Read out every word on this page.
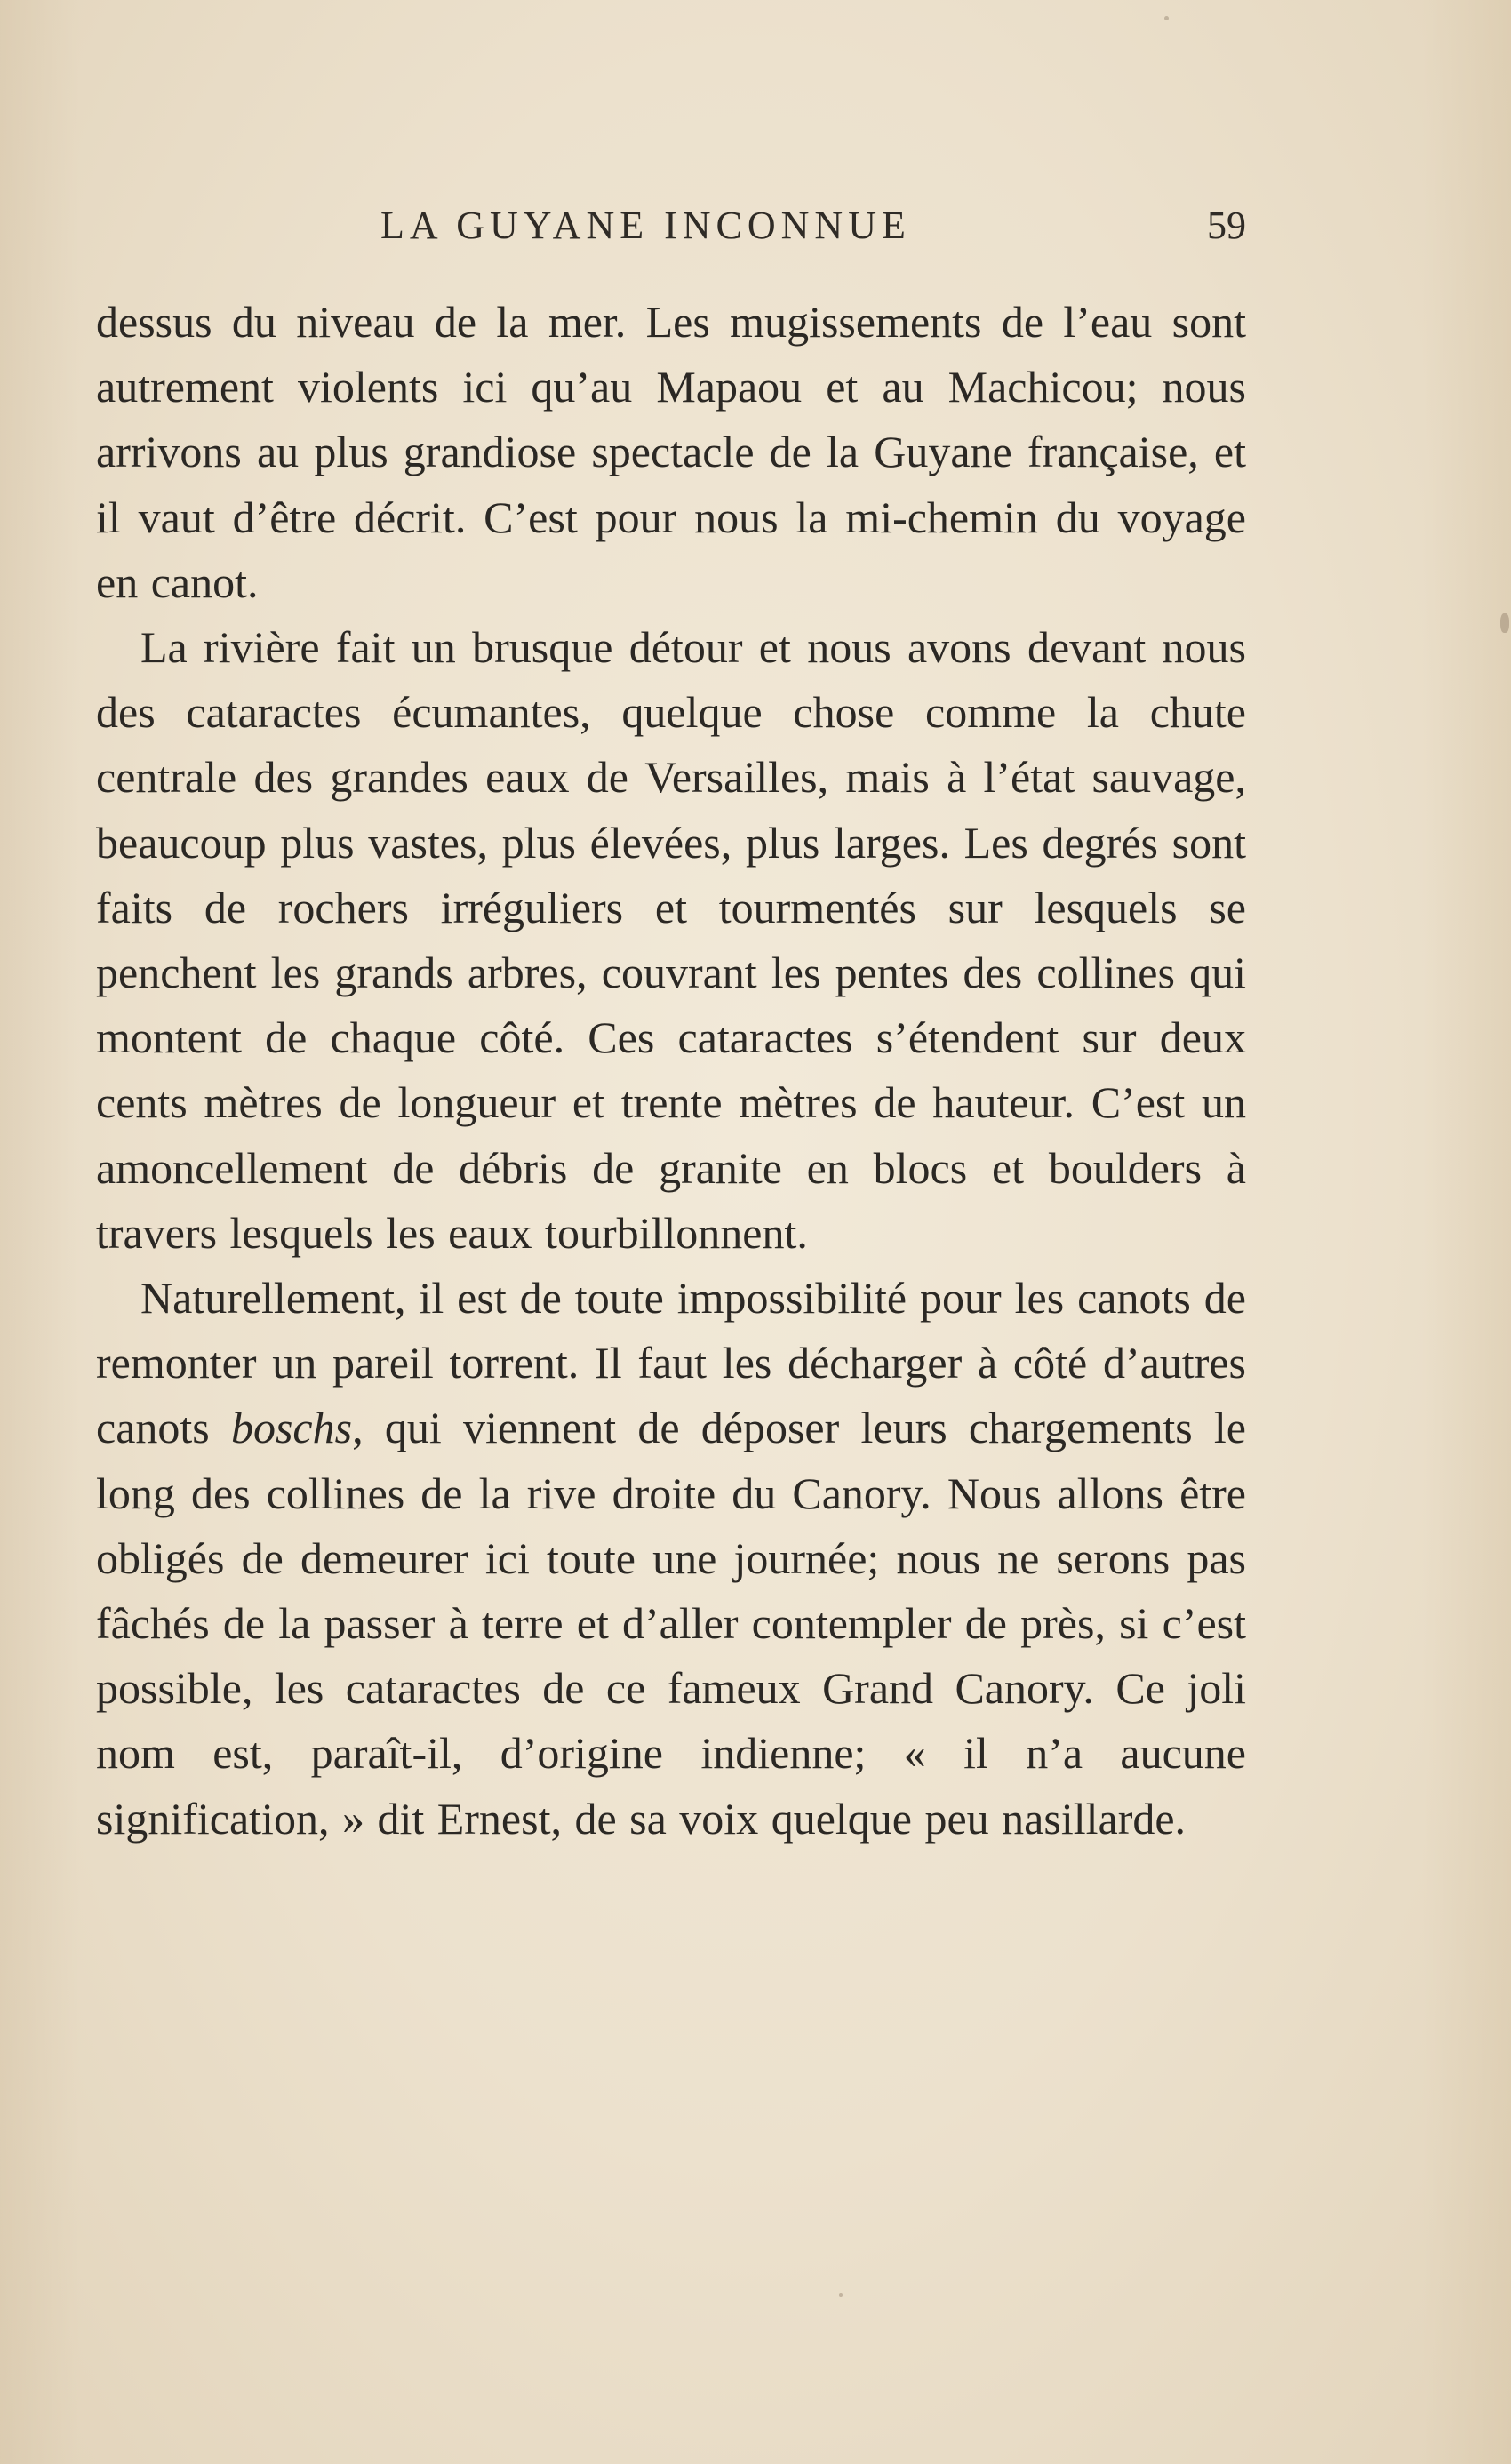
LA GUYANE INCONNUE	59

dessus du niveau de la mer. Les mugissements de l’eau sont autrement violents ici qu’au Mapaou et au Machicou; nous arrivons au plus grandiose spectacle de la Guyane française, et il vaut d’être décrit. C’est pour nous la mi-chemin du voyage en canot.

La rivière fait un brusque détour et nous avons devant nous des cataractes écumantes, quelque chose comme la chute centrale des grandes eaux de Versailles, mais à l’état sauvage, beaucoup plus vastes, plus élevées, plus larges. Les degrés sont faits de rochers irréguliers et tourmentés sur lesquels se penchent les grands arbres, couvrant les pentes des collines qui montent de chaque côté. Ces cataractes s’étendent sur deux cents mètres de longueur et trente mètres de hauteur. C’est un amoncellement de débris de granite en blocs et boulders à travers lesquels les eaux tourbillonnent.

Naturellement, il est de toute impossibilité pour les canots de remonter un pareil torrent. Il faut les décharger à côté d’autres canots boschs, qui viennent de déposer leurs chargements le long des collines de la rive droite du Canory. Nous allons être obligés de demeurer ici toute une journée; nous ne serons pas fâchés de la passer à terre et d’aller contempler de près, si c’est possible, les cataractes de ce fameux Grand Canory. Ce joli nom est, paraît-il, d’origine indienne; « il n’a aucune signification, » dit Ernest, de sa voix quelque peu nasillarde.
